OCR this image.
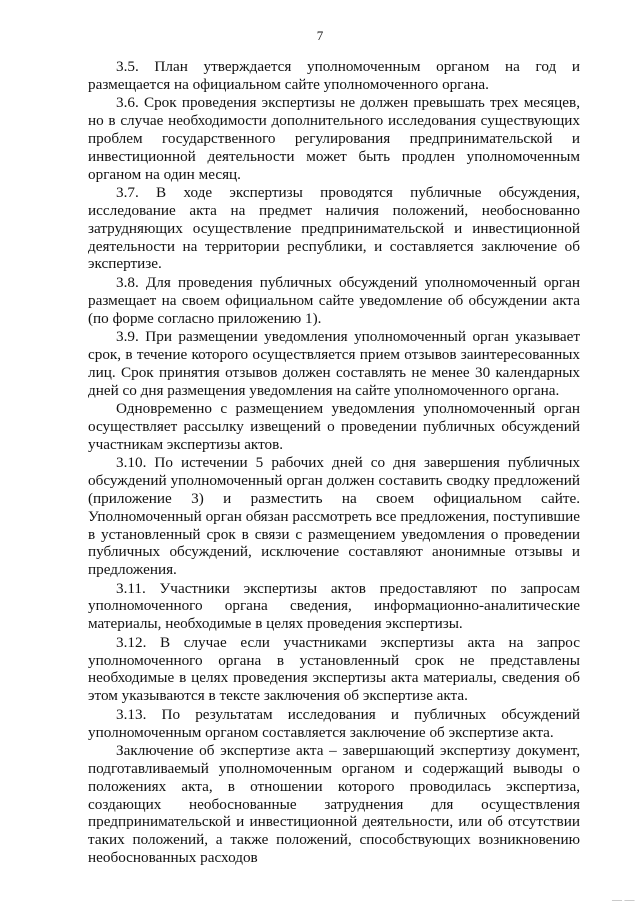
7

3.5. План утверждается уполномоченным органом на год и размещается на официальном сайте уполномоченного органа.

3.6. Срок проведения экспертизы не должен превышать трех месяцев, но в случае необходимости дополнительного исследования существующих проблем государственного регулирования предпринимательской и инвестиционной деятельности может быть продлен уполномоченным органом на один месяц.

3.7. В ходе экспертизы проводятся публичные обсуждения, исследование акта на предмет наличия положений, необоснованно затрудняющих осуществление предпринимательской и инвестиционной деятельности на территории республики, и составляется заключение об экспертизе.

3.8. Для проведения публичных обсуждений уполномоченный орган размещает на своем официальном сайте уведомление об обсуждении акта (по форме согласно приложению 1).

3.9. При размещении уведомления уполномоченный орган указывает срок, в течение которого осуществляется прием отзывов заинтересованных лиц. Срок принятия отзывов должен составлять не менее 30 календарных дней со дня размещения уведомления на сайте уполномоченного органа.

Одновременно с размещением уведомления уполномоченный орган осуществляет рассылку извещений о проведении публичных обсуждений участникам экспертизы актов.

3.10. По истечении 5 рабочих дней со дня завершения публичных обсуждений уполномоченный орган должен составить сводку предложений (приложение 3) и разместить на своем официальном сайте. Уполномоченный орган обязан рассмотреть все предложения, поступившие в установленный срок в связи с размещением уведомления о проведении публичных обсуждений, исключение составляют анонимные отзывы и предложения.

3.11. Участники экспертизы актов предоставляют по запросам уполномоченного органа сведения, информационно-аналитические материалы, необходимые в целях проведения экспертизы.

3.12. В случае если участниками экспертизы акта на запрос уполномоченного органа в установленный срок не представлены необходимые в целях проведения экспертизы акта материалы, сведения об этом указываются в тексте заключения об экспертизе акта.

3.13. По результатам исследования и публичных обсуждений уполномоченным органом составляется заключение об экспертизе акта.

Заключение об экспертизе акта – завершающий экспертизу документ, подготавливаемый уполномоченным органом и содержащий выводы о положениях акта, в отношении которого проводилась экспертиза, создающих необоснованные затруднения для осуществления предпринимательской и инвестиционной деятельности, или об отсутствии таких положений, а также положений, способствующих возникновению необоснованных расходов

— —
